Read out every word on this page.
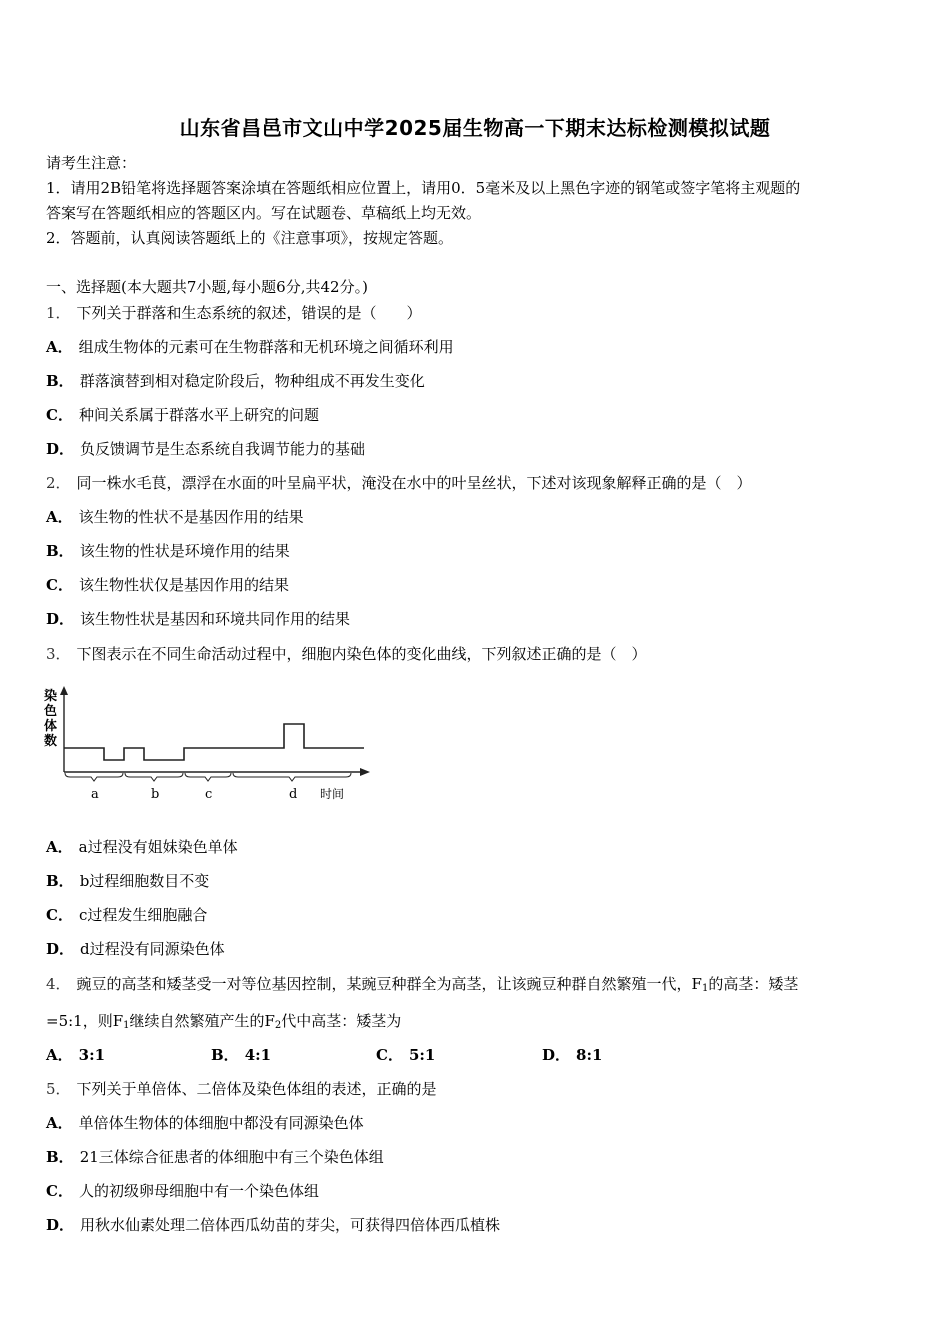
山东省昌邑市文山中学2025届生物高一下期末达标检测模拟试题
请考生注意：
1．请用2B铅笔将选择题答案涂填在答题纸相应位置上，请用0．5毫米及以上黑色字迹的钢笔或签字笔将主观题的
答案写在答题纸相应的答题区内。写在试题卷、草稿纸上均无效。
2．答题前，认真阅读答题纸上的《注意事项》，按规定答题。
一、选择题(本大题共7小题,每小题6分,共42分。)
1． 下列关于群落和生态系统的叙述，错误的是（　　）
A． 组成生物体的元素可在生物群落和无机环境之间循环利用
B． 群落演替到相对稳定阶段后，物种组成不再发生变化
C． 种间关系属于群落水平上研究的问题
D． 负反馈调节是生态系统自我调节能力的基础
2． 同一株水毛茛，漂浮在水面的叶呈扁平状，淹没在水中的叶呈丝状，下述对该现象解释正确的是（　）
A． 该生物的性状不是基因作用的结果
B． 该生物的性状是环境作用的结果
C． 该生物性状仅是基因作用的结果
D． 该生物性状是基因和环境共同作用的结果
3． 下图表示在不同生命活动过程中，细胞内染色体的变化曲线，下列叙述正确的是（　）
染
色
体
数
a	b	c	d 时间
A． a过程没有姐妹染色单体
B． b过程细胞数目不变
C． c过程发生细胞融合
D． d过程没有同源染色体
4． 豌豆的高茎和矮茎受一对等位基因控制，某豌豆种群全为高茎，让该豌豆种群自然繁殖一代，$F_1$的高茎：矮茎
=5:1，则$F_1$继续自然繁殖产生的$F_2$代中高茎：矮茎为
A． 3:1	B． 4:1	C． 5:1	D． 8:1
5． 下列关于单倍体、二倍体及染色体组的表述，正确的是
A． 单倍体生物体的体细胞中都没有同源染色体
B． 21三体综合征患者的体细胞中有三个染色体组
C． 人的初级卵母细胞中有一个染色体组
D． 用秋水仙素处理二倍体西瓜幼苗的芽尖，可获得四倍体西瓜植株
